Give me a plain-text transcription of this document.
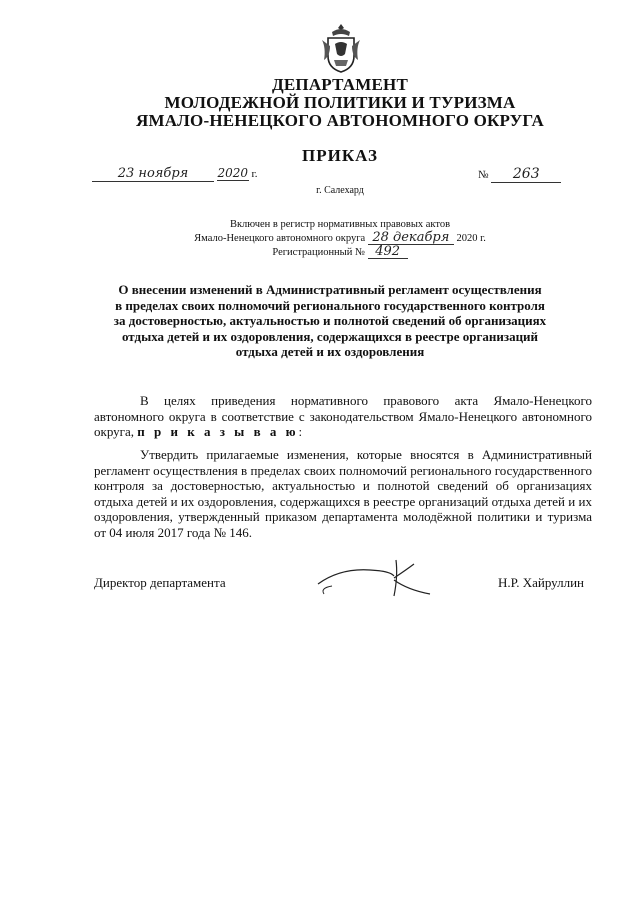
ДЕПАРТАМЕНТ
МОЛОДЕЖНОЙ ПОЛИТИКИ И ТУРИЗМА
ЯМАЛО-НЕНЕЦКОГО АВТОНОМНОГО ОКРУГА
ПРИКАЗ
23 ноября 2020 г.	№ 263
г. Салехард
Включен в регистр нормативных правовых актов
Ямало-Ненецкого автономного округа 28 декабря 2020 г.
Регистрационный № 492
О внесении изменений в Административный регламент осуществления
в пределах своих полномочий регионального государственного контроля
за достоверностью, актуальностью и полнотой сведений об организациях
отдыха детей и их оздоровления, содержащихся в реестре организаций
отдыха детей и их оздоровления
В целях приведения нормативного правового акта Ямало-Ненецкого автономного округа в соответствие с законодательством Ямало-Ненецкого автономного округа, п р и к а з ы в а ю:
Утвердить прилагаемые изменения, которые вносятся в Административный регламент осуществления в пределах своих полномочий регионального государственного контроля за достоверностью, актуальностью и полнотой сведений об организациях отдыха детей и их оздоровления, содержащихся в реестре организаций отдыха детей и их оздоровления, утвержденный приказом департамента молодёжной политики и туризма от 04 июля 2017 года № 146.
Директор департамента	Н.Р. Хайруллин
